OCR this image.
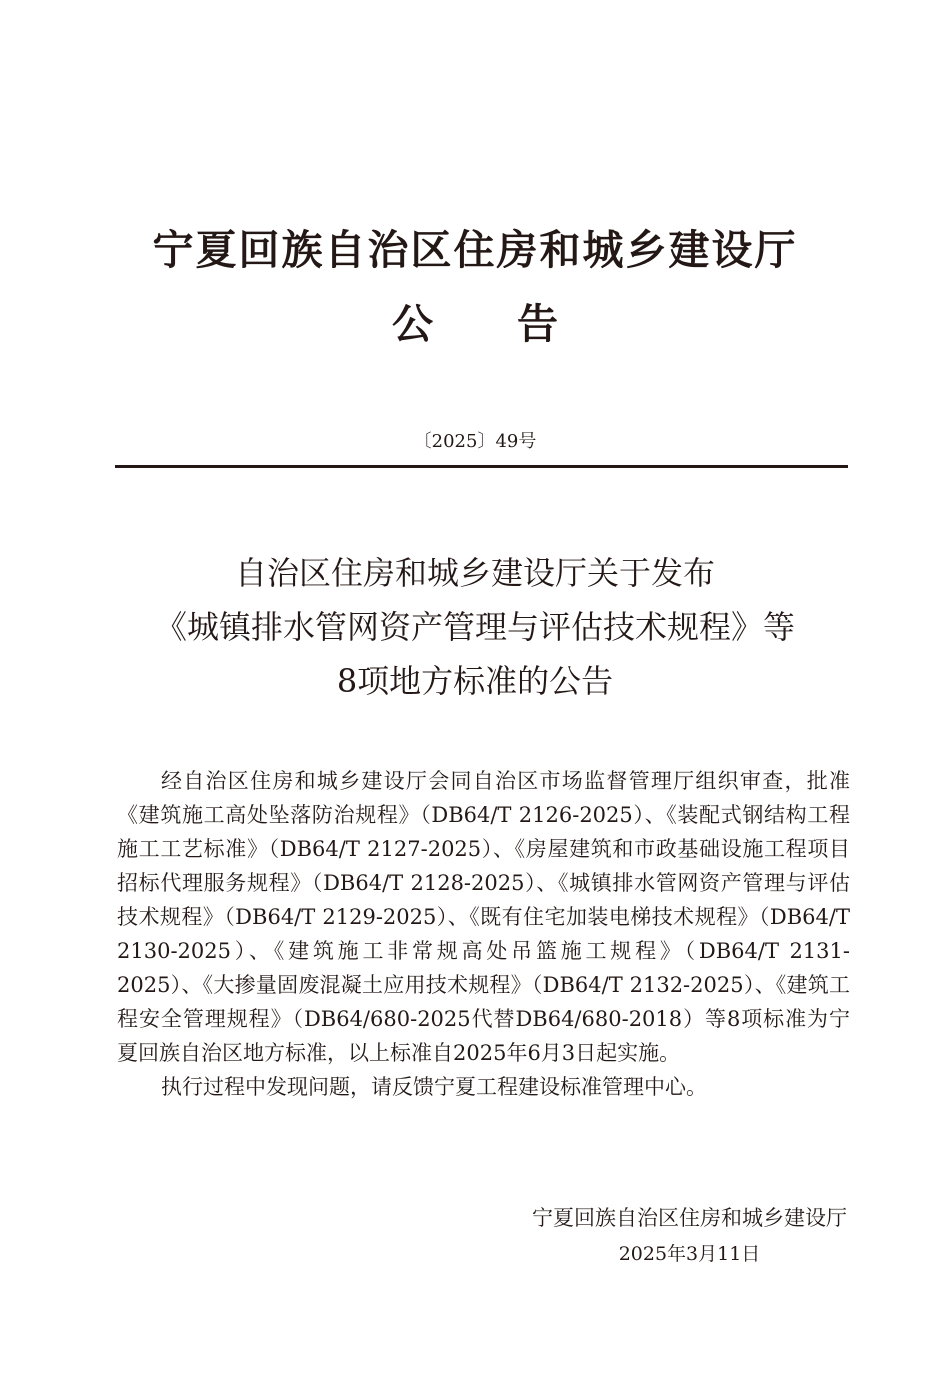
宁夏回族自治区住房和城乡建设厅
公 告
〔2025〕49号
自治区住房和城乡建设厅关于发布
《城镇排水管网资产管理与评估技术规程》等
8项地方标准的公告

经自治区住房和城乡建设厅会同自治区市场监督管理厅组织审查，批准《建筑施工高处坠落防治规程》（DB64/T 2126-2025）、《装配式钢结构工程施工工艺标准》（DB64/T 2127-2025）、《房屋建筑和市政基础设施工程项目招标代理服务规程》（DB64/T 2128-2025）、《城镇排水管网资产管理与评估技术规程》（DB64/T 2129-2025）、《既有住宅加装电梯技术规程》（DB64/T 2130-2025）、《建筑施工非常规高处吊篮施工规程》（DB64/T 2131-2025）、《大掺量固废混凝土应用技术规程》（DB64/T 2132-2025）、《建筑工程安全管理规程》（DB64/680-2025代替DB64/680-2018）等8项标准为宁夏回族自治区地方标准，以上标准自2025年6月3日起实施。

执行过程中发现问题，请反馈宁夏工程建设标准管理中心。

宁夏回族自治区住房和城乡建设厅
2025年3月11日
